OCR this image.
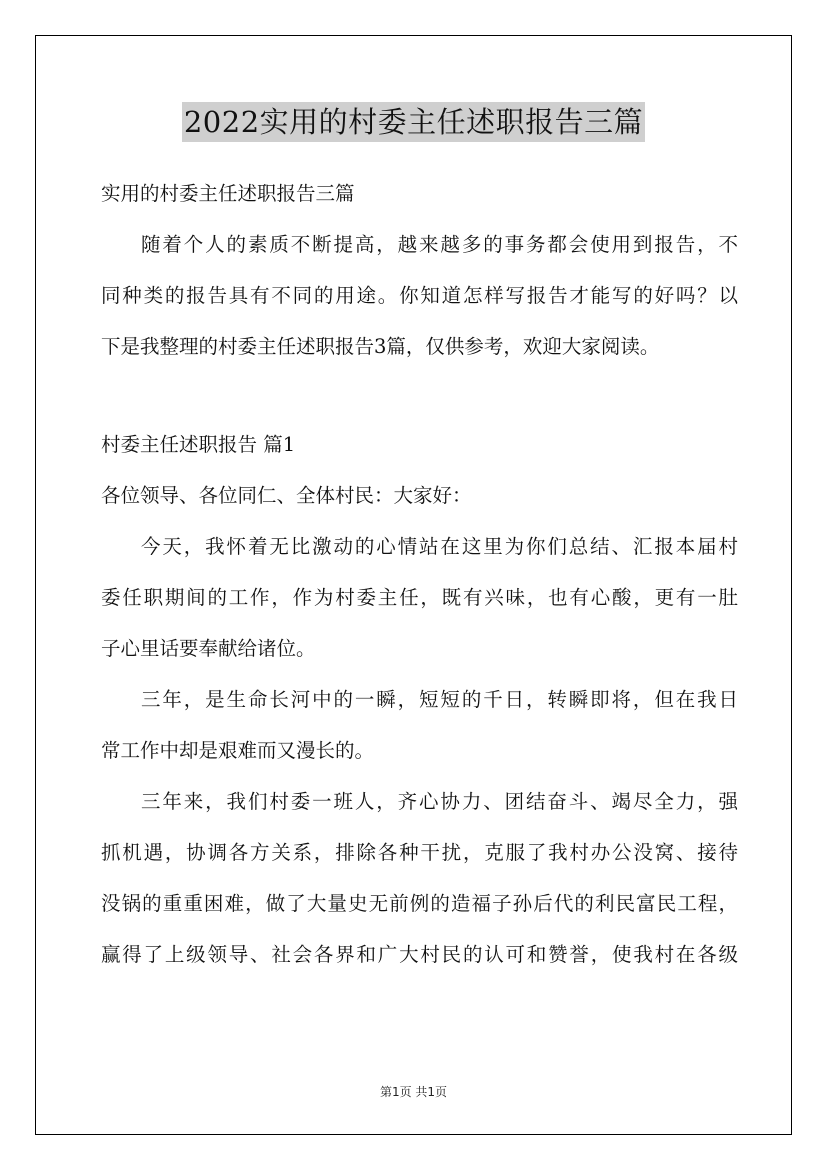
2022实用的村委主任述职报告三篇
实用的村委主任述职报告三篇
随着个人的素质不断提高，越来越多的事务都会使用到报告，不
同种类的报告具有不同的用途。你知道怎样写报告才能写的好吗？以
下是我整理的村委主任述职报告3篇，仅供参考，欢迎大家阅读。
村委主任述职报告 篇1
各位领导、各位同仁、全体村民：大家好：
今天，我怀着无比激动的心情站在这里为你们总结、汇报本届村
委任职期间的工作，作为村委主任，既有兴味，也有心酸，更有一肚
子心里话要奉献给诸位。
三年，是生命长河中的一瞬，短短的千日，转瞬即将，但在我日
常工作中却是艰难而又漫长的。
三年来，我们村委一班人，齐心协力、团结奋斗、竭尽全力，强
抓机遇，协调各方关系，排除各种干扰，克服了我村办公没窝、接待
没锅的重重困难，做了大量史无前例的造福子孙后代的利民富民工程，
赢得了上级领导、社会各界和广大村民的认可和赞誉，使我村在各级
第1页 共1页
